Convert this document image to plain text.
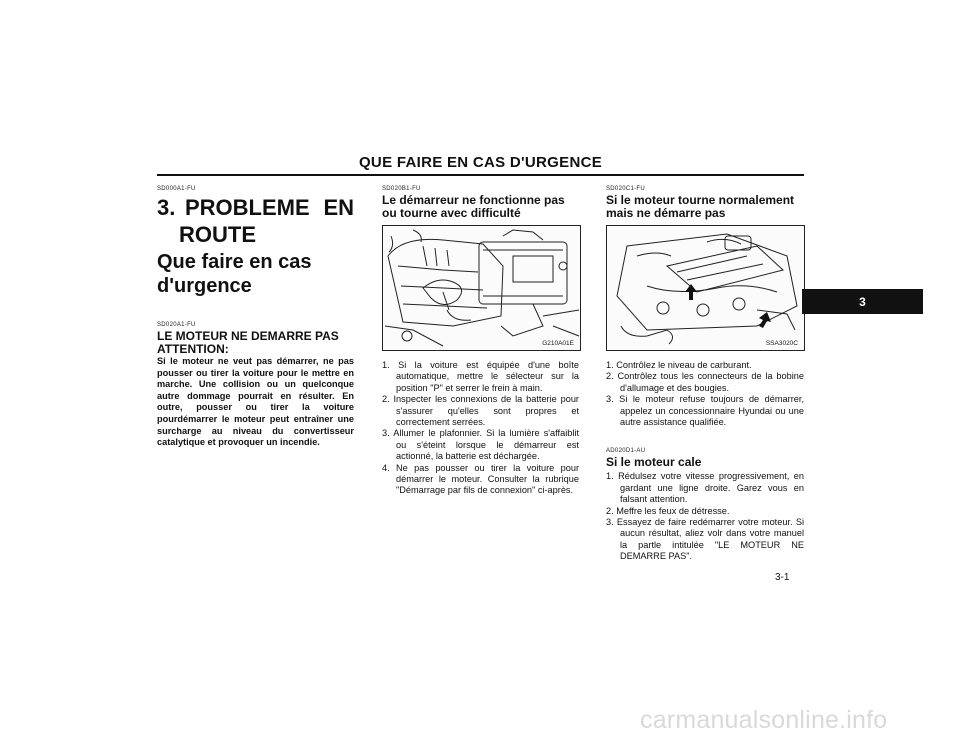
QUE FAIRE EN CAS D'URGENCE
SD000A1-FU
3. PROBLEME EN
ROUTE
Que faire en cas d'urgence
SD020A1-FU
LE MOTEUR NE DEMARRE PAS
ATTENTION:
Si le moteur ne veut pas démarrer, ne pas pousser ou tirer la voiture pour le mettre en marche. Une collision ou un quelconque autre dommage pourrait en résulter. En outre, pousser ou tirer la voiture pourdémarrer le moteur peut entraîner une surcharge au niveau du convertisseur catalytique et provoquer un incendie.
SD020B1-FU
Le démarreur ne fonctionne pas ou tourne avec difficulté
G210A01E
1. Si la voiture est équipée d'une boîte automatique, mettre le sélecteur sur la position "P" et serrer le frein à main.
2. Inspecter les connexions de la batterie pour s'assurer qu'elles sont propres et correctement serrées.
3. Allumer le plafonnier. Si la lumière s'affaiblit ou s'éteint lorsque le démarreur est actionné, la batterie est déchargée.
4. Ne pas pousser ou tirer la voiture pour démarrer le moteur. Consulter la rubrique "Démarrage par fils de connexion" ci-après.
SD020C1-FU
Si le moteur tourne normalement mais ne démarre pas
SSA3020C
1. Contrôlez le niveau de carburant.
2. Contrôlez tous les connecteurs de la bobine d'allumage et des bougies.
3. Si le moteur refuse toujours de démarrer, appelez un concessionnaire Hyundai ou une autre assistance qualifiée.
AD020D1-AU
Si le moteur cale
1. Rédulsez votre vitesse progressivement, en gardant une ligne droite. Garez vous en falsant attention.
2. Meffre les feux de détresse.
3. Essayez de faire redémarrer votre moteur. Si aucun résultat, aliez volr dans votre manuel la partle intitulée "LE MOTEUR NE DEMARRE PAS".
3-1
3
carmanualsonline.info
